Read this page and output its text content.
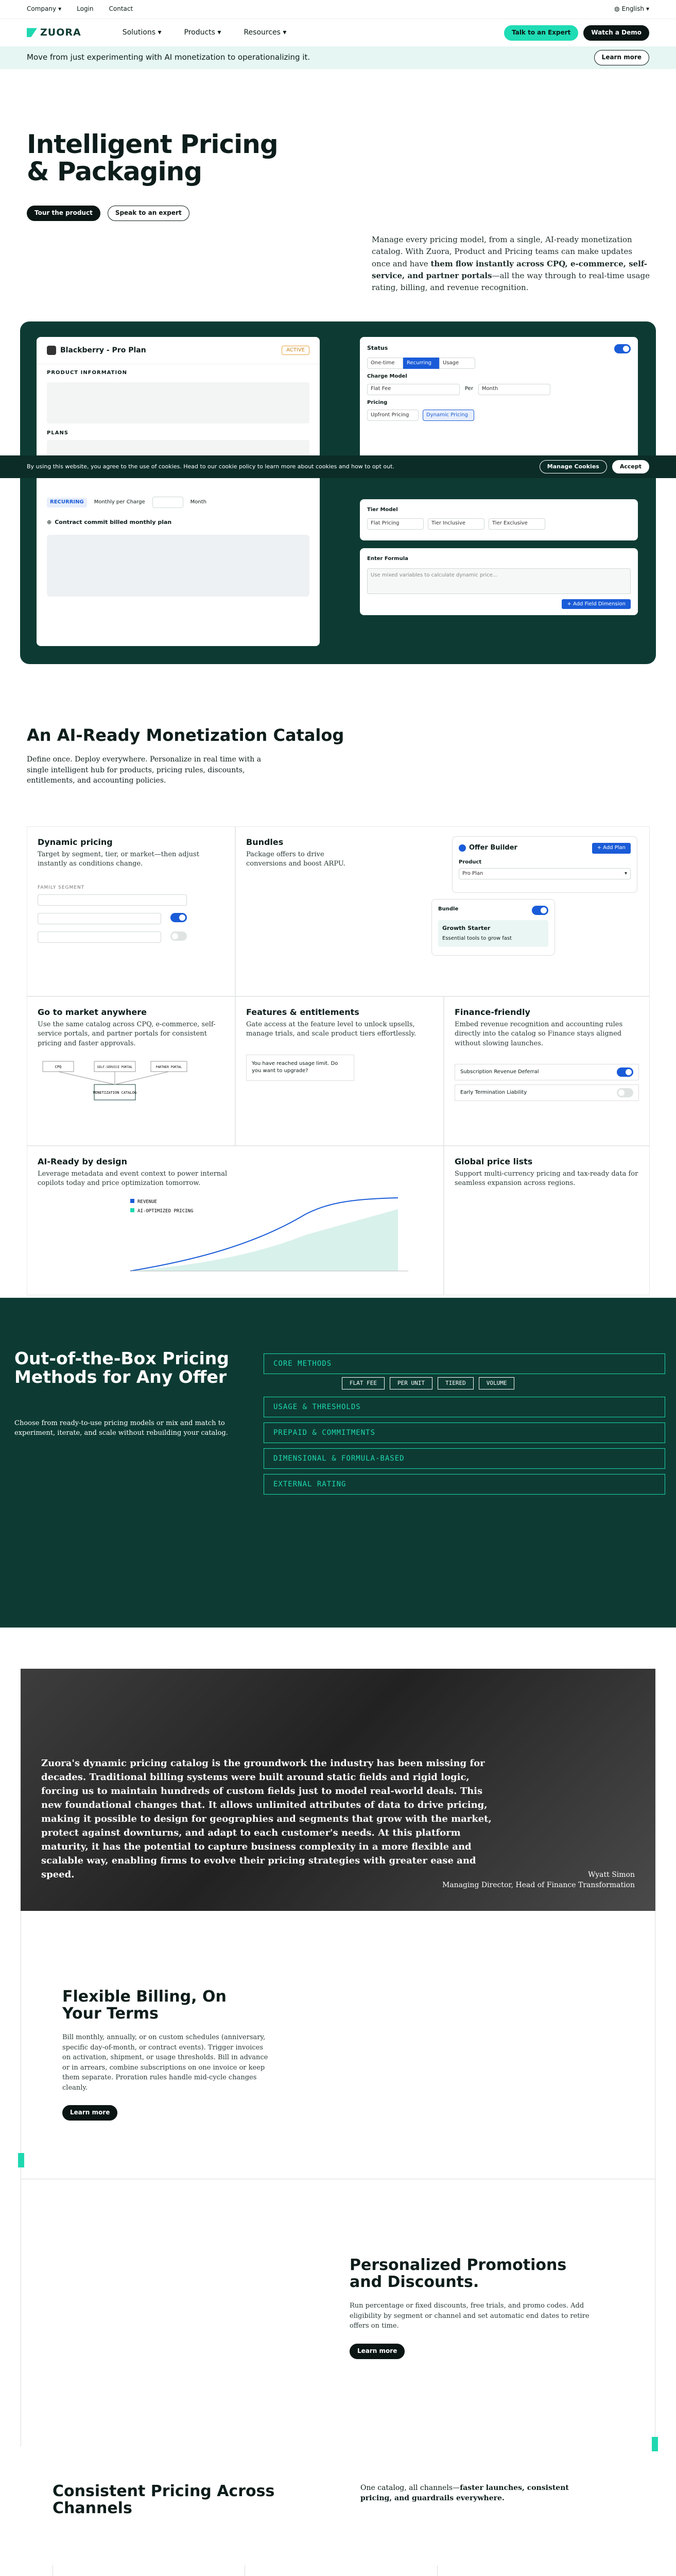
Company ▾	Login	Contact	◍ English ▾
ZUORA	Solutions ▾	Products ▾	Resources ▾	Talk to an Expert	Watch a Demo
Move from just experimenting with AI monetization to operationalizing it.	Learn more
Intelligent Pricing & Packaging
Tour the product	Speak to an expert

Manage every pricing model, from a single, AI-ready monetization catalog. With Zuora, Product and Pricing teams can make updates once and have them flow instantly across CPQ, e-commerce, self-service, and partner portals—all the way through to real-time usage rating, billing, and revenue recognition.

Blackberry - Pro Plan	ACTIVE
PRODUCT INFORMATION
PLANS
RECURRING	Monthly per Charge	Month
⊕ Contract commit billed monthly plan
Status
One-time	Recurring	Usage
Charge Model
Flat Fee	Per	Month
Pricing
Upfront Pricing	Dynamic Pricing
Tier Model
Flat Pricing	Tier Inclusive	Tier Exclusive
Enter Formula
Use mixed variables to calculate dynamic price...
+ Add Field Dimension
By using this website, you agree to the use of cookies. Head to our cookie policy to learn more about cookies and how to opt out.	Manage Cookies	Accept
An AI-Ready Monetization Catalog

Define once. Deploy everywhere. Personalize in real time with a single intelligent hub for products, pricing rules, discounts, entitlements, and accounting policies.

Dynamic pricing

Target by segment, tier, or market—then adjust instantly as conditions change.

FAMILY SEGMENT
Bundles

Package offers to drive conversions and boost ARPU.

Offer Builder	+ Add Plan
Product
Pro Plan	▾
Bundle
Growth Starter
Essential tools to grow fast
Go to market anywhere

Use the same catalog across CPQ, e-commerce, self-service portals, and partner portals for consistent pricing and faster approvals.

MONETIZATION CATALOG
CPQ	SELF-SERVICE PORTAL	PARTNER PORTAL
Features & entitlements

Gate access at the feature level to unlock upsells, manage trials, and scale product tiers effortlessly.

You have reached usage limit. Do you want to upgrade?
Finance-friendly

Embed revenue recognition and accounting rules directly into the catalog so Finance stays aligned without slowing launches.

Subscription Revenue Deferral
Early Termination Liability
AI-Ready by design

Leverage metadata and event context to power internal copilots today and price optimization tomorrow.

REVENUE
AI-OPTIMIZED PRICING
Global price lists

Support multi-currency pricing and tax-ready data for seamless expansion across regions.

Out-of-the-Box Pricing Methods for Any Offer

Choose from ready-to-use pricing models or mix and match to experiment, iterate, and scale without rebuilding your catalog.

CORE METHODS
FLAT FEE	PER UNIT	TIERED	VOLUME
USAGE & THRESHOLDS
PREPAID & COMMITMENTS
DIMENSIONAL & FORMULA-BASED
EXTERNAL RATING
Zuora's dynamic pricing catalog is the groundwork the industry has been missing for decades. Traditional billing systems were built around static fields and rigid logic, forcing us to maintain hundreds of custom fields just to model real-world deals. This new foundational changes that. It allows unlimited attributes of data to drive pricing, making it possible to design for geographies and segments that grow with the market, protect against downturns, and adapt to each customer's needs. At this platform maturity, it has the potential to capture business complexity in a more flexible and scalable way, enabling firms to evolve their pricing strategies with greater ease and speed.	Wyatt Simon
Managing Director, Head of Finance Transformation
Flexible Billing, On Your Terms

Bill monthly, annually, or on custom schedules (anniversary, specific day-of-month, or contract events). Trigger invoices on activation, shipment, or usage thresholds. Bill in advance or in arrears, combine subscriptions on one invoice or keep them separate. Proration rules handle mid-cycle changes cleanly.

Learn more
Personalized Promotions and Discounts.

Run percentage or fixed discounts, free trials, and promo codes. Add eligibility by segment or channel and set automatic end dates to retire offers on time.

Learn more
Consistent Pricing Across Channels

One catalog, all channels—faster launches, consistent pricing, and guardrails everywhere.
